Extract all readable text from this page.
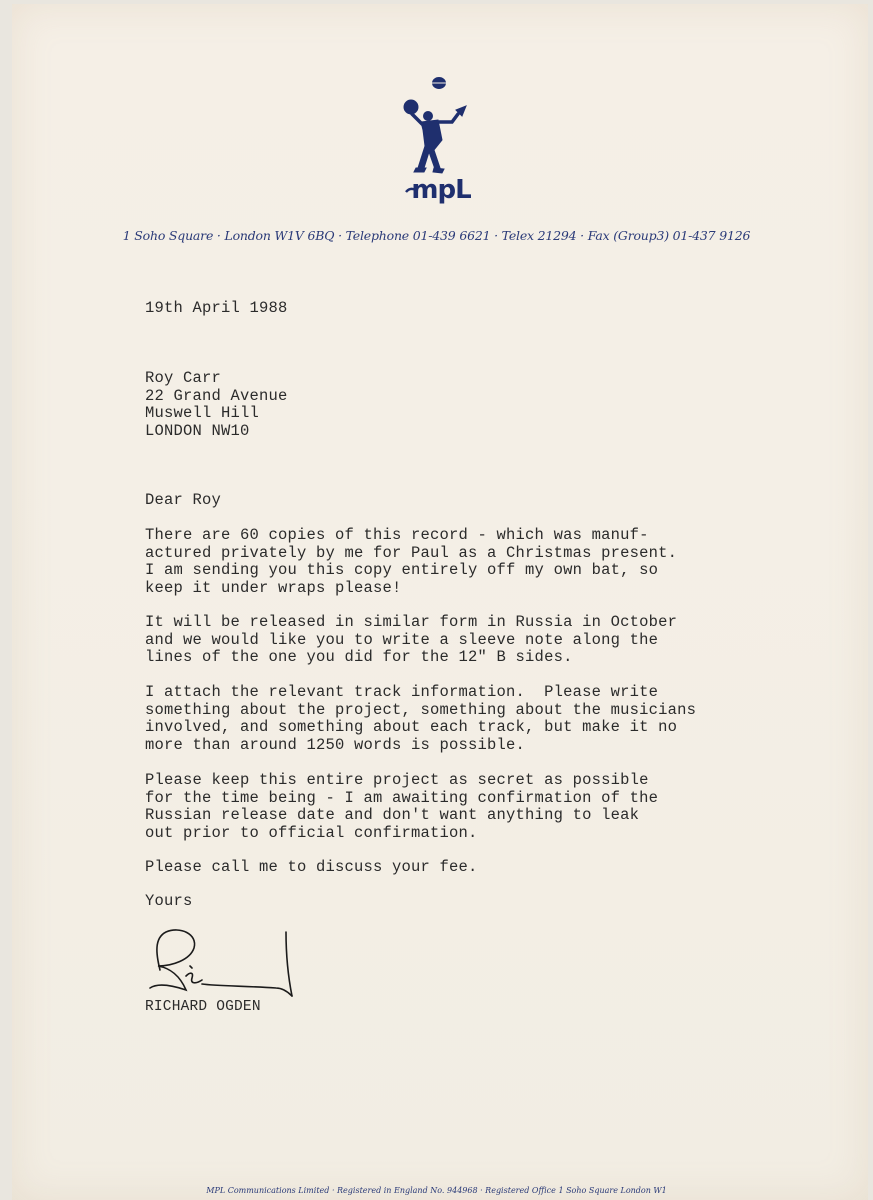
mpL
1 Soho Square · London W1V 6BQ · Telephone 01-439 6621 · Telex 21294 · Fax (Group3) 01-437 9126
19th April 1988
Roy Carr
22 Grand Avenue
Muswell Hill
LONDON NW10
Dear Roy
There are 60 copies of this record - which was manuf-
actured privately by me for Paul as a Christmas present.
I am sending you this copy entirely off my own bat, so
keep it under wraps please!
It will be released in similar form in Russia in October
and we would like you to write a sleeve note along the
lines of the one you did for the 12" B sides.
I attach the relevant track information.  Please write
something about the project, something about the musicians
involved, and something about each track, but make it no
more than around 1250 words is possible.
Please keep this entire project as secret as possible
for the time being - I am awaiting confirmation of the
Russian release date and don't want anything to leak
out prior to official confirmation.
Please call me to discuss your fee.
Yours
RICHARD OGDEN
MPL Communications Limited · Registered in England No. 944968 · Registered Office 1 Soho Square London W1
